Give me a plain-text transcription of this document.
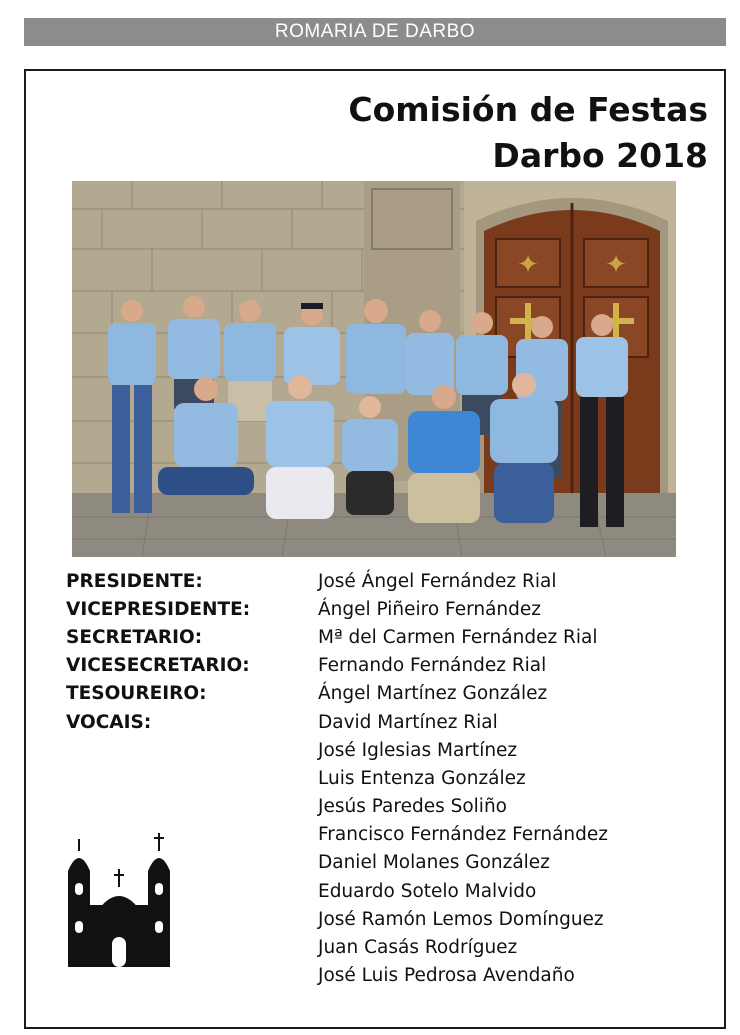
ROMARIA DE DARBO
Comisión de Festas
Darbo 2018
✦	✦
PRESIDENTE:	José Ángel Fernández Rial
VICEPRESIDENTE:	Ángel Piñeiro Fernández
SECRETARIO:	Mª del Carmen Fernández Rial
VICESECRETARIO:	Fernando Fernández Rial
TESOUREIRO:	Ángel Martínez González
VOCAIS:	David Martínez Rial
José Iglesias Martínez
Luis Entenza González
Jesús Paredes Soliño
Francisco Fernández Fernández
Daniel Molanes González
Eduardo Sotelo Malvido
José Ramón Lemos Domínguez
Juan Casás Rodríguez
José Luis Pedrosa Avendaño
